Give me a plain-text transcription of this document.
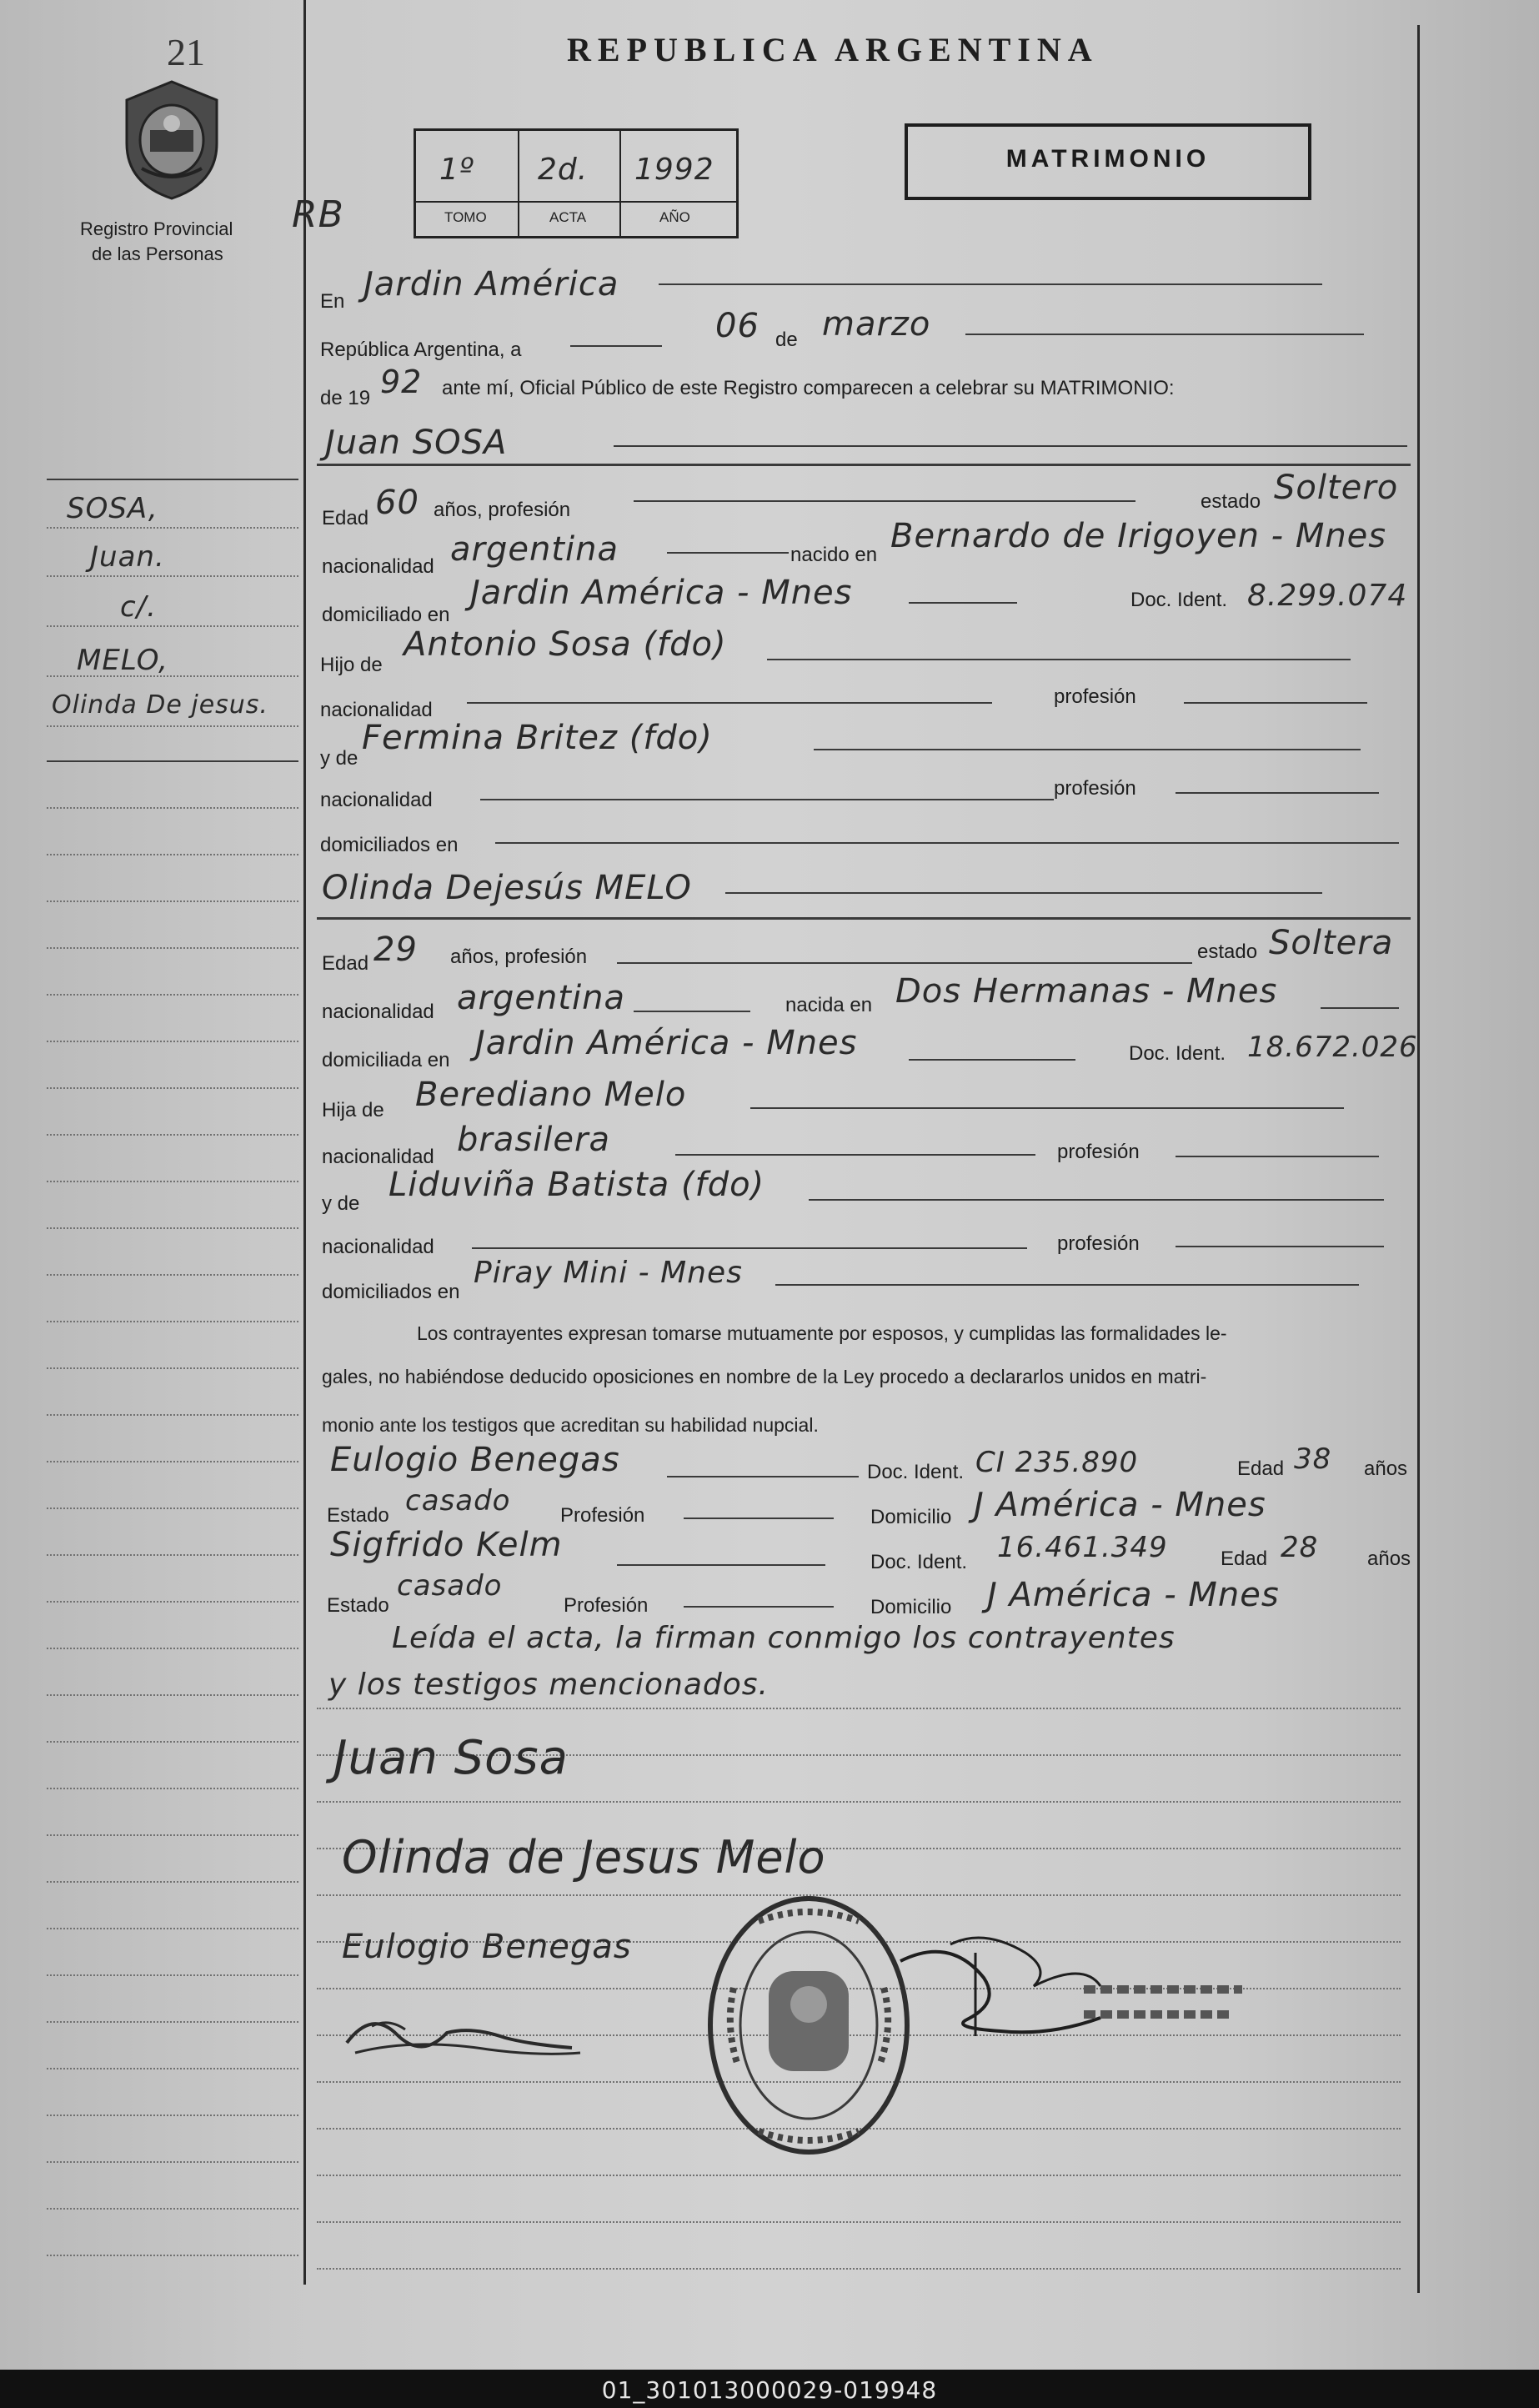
21
Registro Provincial
de las Personas
SOSA,
Juan.
c/.
MELO,
Olinda De jesus.
REPUBLICA ARGENTINA
MATRIMONIO
RB
1º 2d. 1992
TOMO	ACTA	AÑO
En Jardin América
República Argentina, a
06 de marzo
de 19 92 ante mí, Oficial Público de este Registro comparecen a celebrar su MATRIMONIO:
Juan SOSA
Edad 60 años, profesión	estado Soltero
nacionalidad argentina	nacido en Bernardo de Irigoyen - Mnes
domiciliado en
Jardin América - Mnes	Doc. Ident. 8.299.074
Hijo de
Antonio Sosa (fdo)
nacionalidad
profesión
y de
Fermina Britez (fdo)
nacionalidad
profesión
domiciliados en
Olinda Dejesús MELO
Edad 29 años, profesión	estado Soltera
nacionalidad argentina	nacida en Dos Hermanas - Mnes
domiciliada en Jardin América - Mnes	Doc. Ident. 18.672.026
Hija de Berediano Melo
nacionalidad brasilera	profesión
y de Liduviña Batista (fdo)
nacionalidad	profesión
domiciliados en
Piray Mini - Mnes
Los contrayentes expresan tomarse mutuamente por esposos, y cumplidas las formalidades le-
gales, no habiéndose deducido oposiciones en nombre de la Ley procedo a declararlos unidos en matri-
monio ante los testigos que acreditan su habilidad nupcial.
Eulogio Benegas	Doc. Ident. CI 235.890	Edad 38 años
Estado casado Profesión	Domicilio J América - Mnes
Sigfrido Kelm	Doc. Ident. 16.461.349	Edad 28 años
Estado
casado
Profesión	Domicilio J América - Mnes
Leída el acta, la firman conmigo los contrayentes
y los testigos mencionados.
Juan Sosa
Olinda de Jesus Melo
Eulogio Benegas
01_301013000029-019948
